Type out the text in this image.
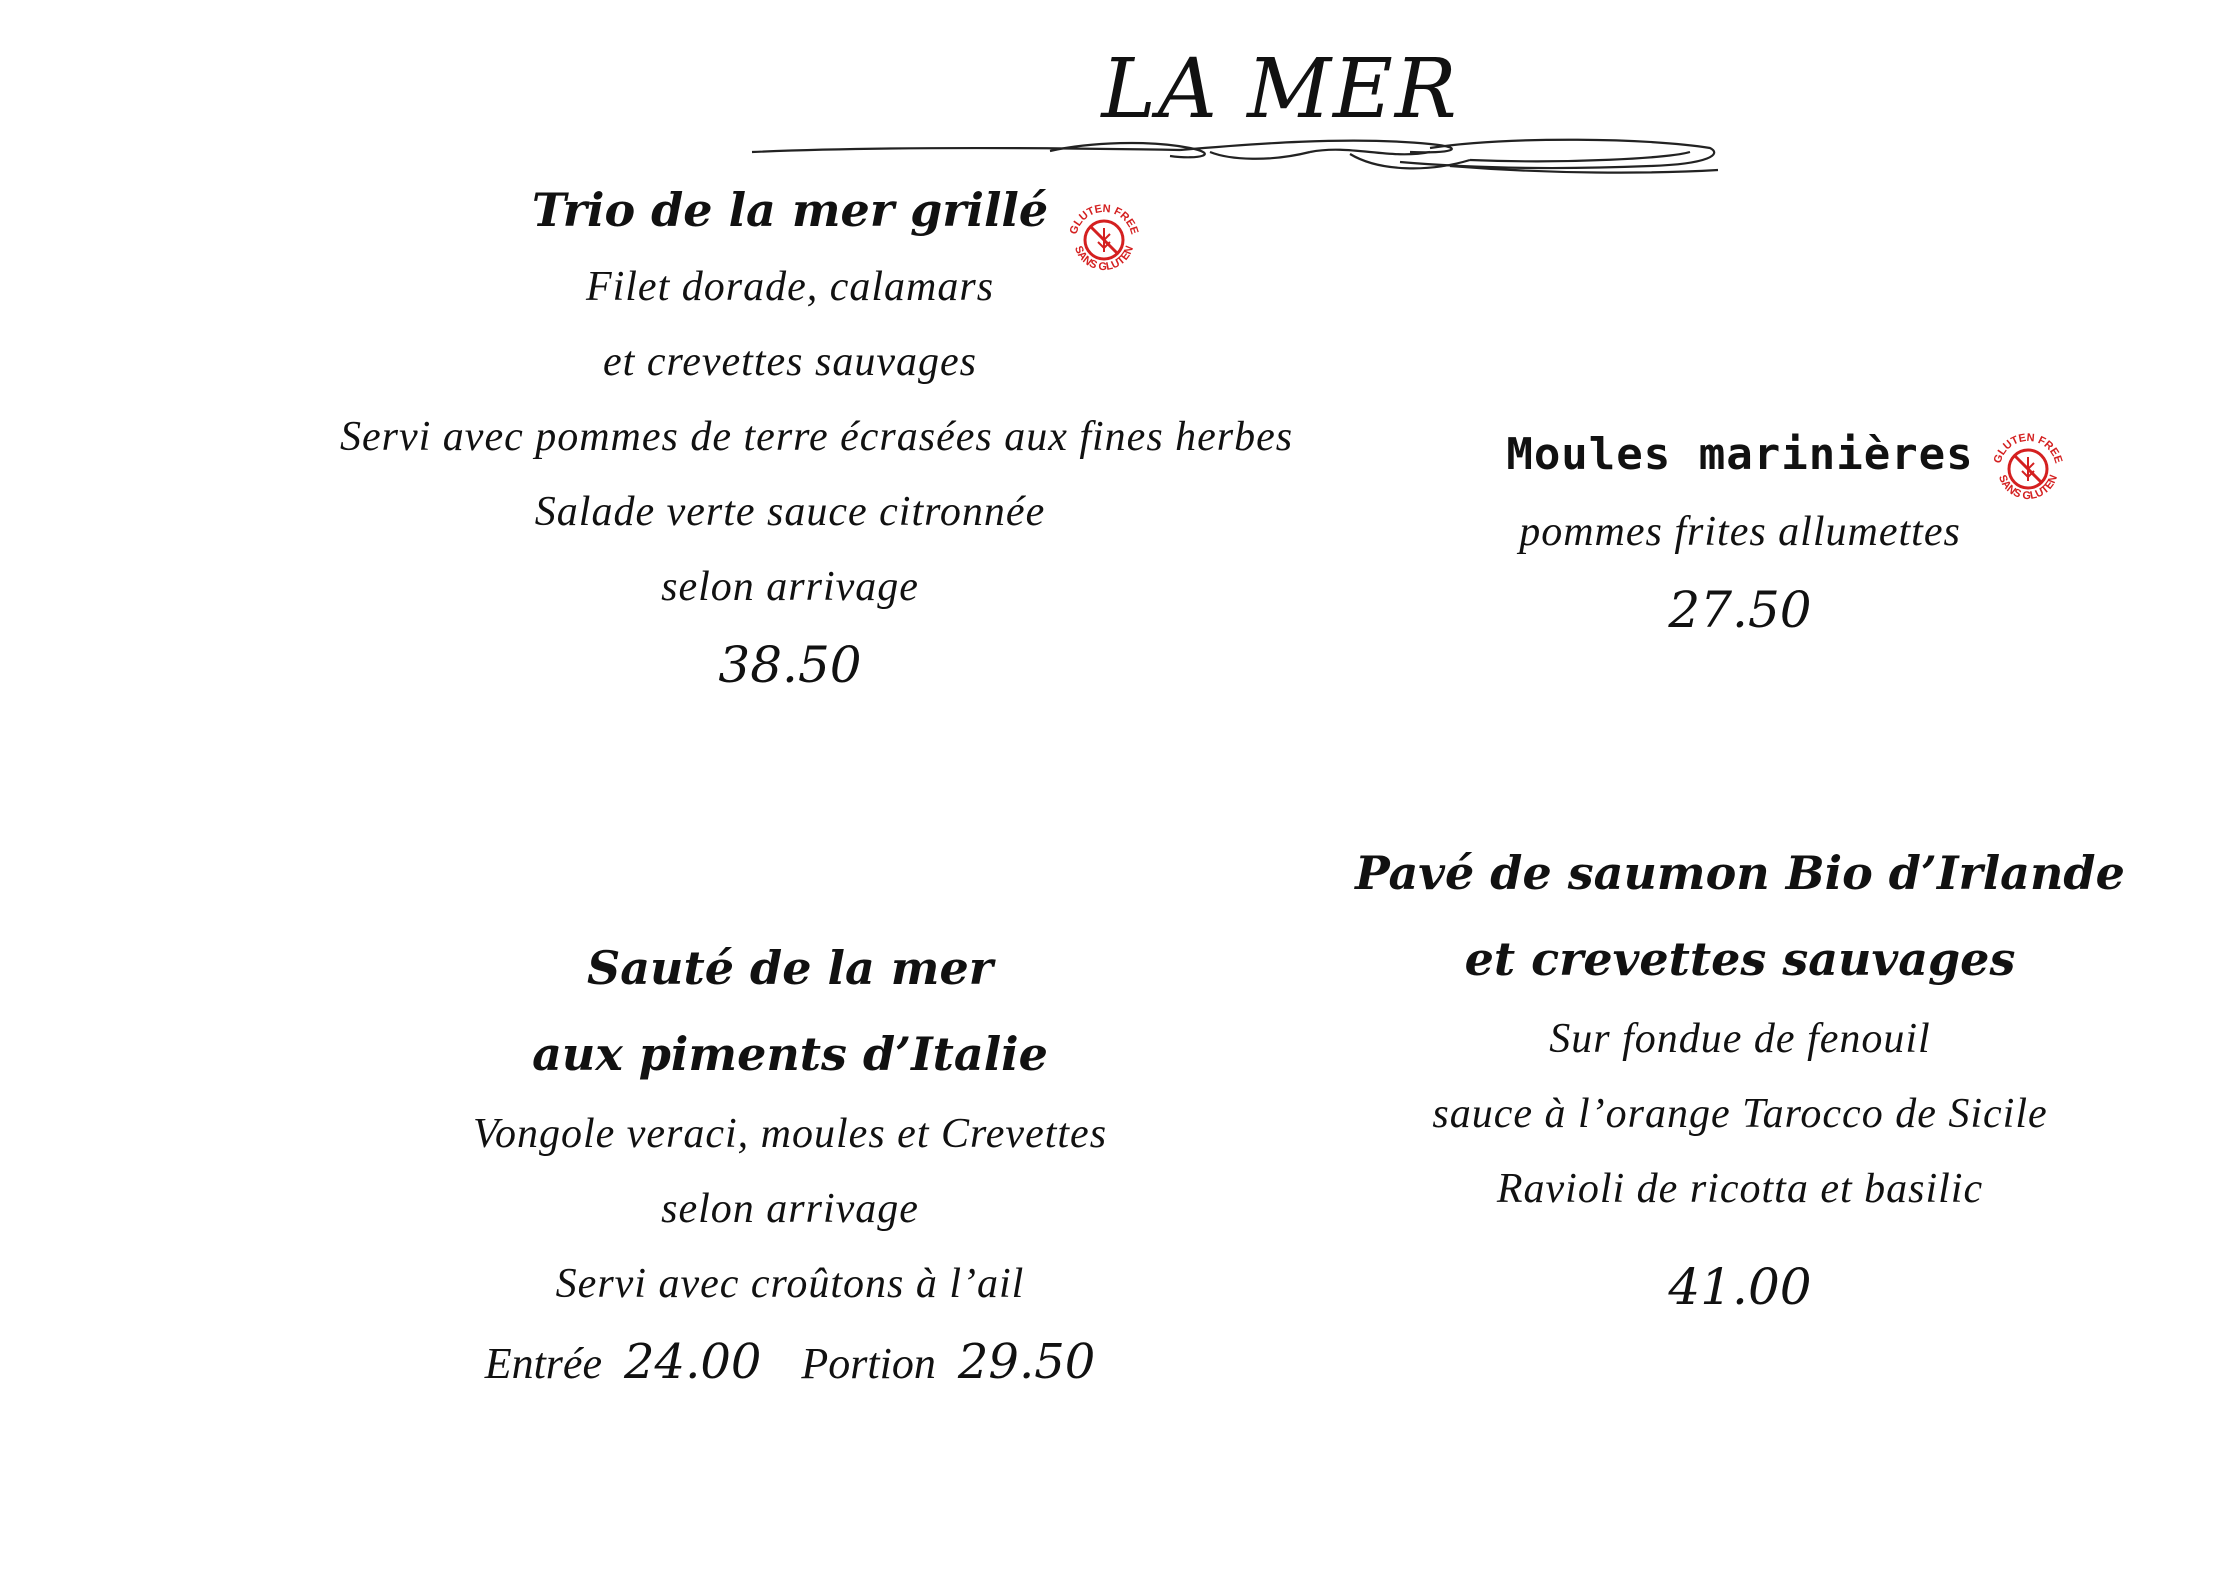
LA MER
Trio de la mer grillé
Filet dorade, calamars
et crevettes sauvages
Servi avec pommes de terre écrasées aux fines herbes
Salade verte sauce citronnée
selon arrivage
38.50
GLUTEN FREE
SANS GLUTEN
Moules marinières
pommes frites allumettes
27.50
GLUTEN FREE
SANS GLUTEN
Sauté de la mer
aux piments d’Italie
Vongole veraci, moules et Crevettes
selon arrivage
Servi avec croûtons à l’ail
Entrée 24.00 Portion 29.50
Pavé de saumon Bio d’Irlande
et crevettes sauvages
Sur fondue de fenouil
sauce à l’orange Tarocco de Sicile
Ravioli de ricotta et basilic
41.00
